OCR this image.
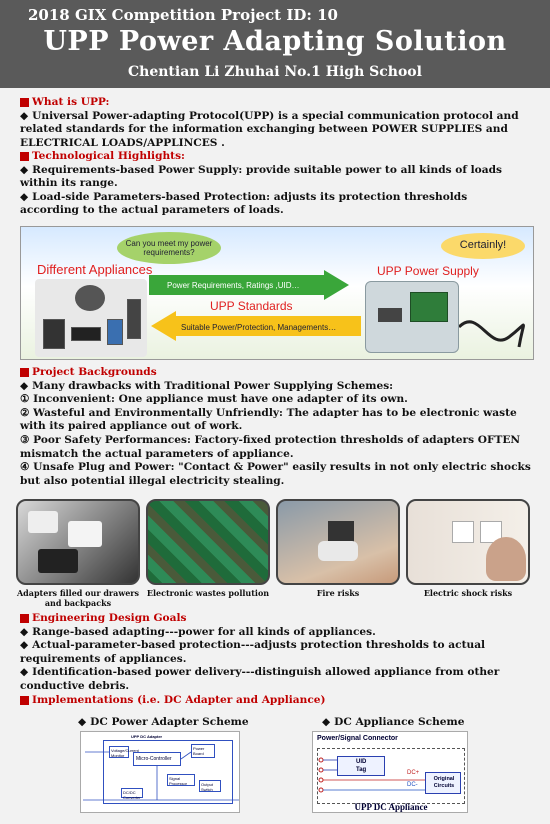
2018 GIX Competition Project ID: 10
UPP Power Adapting Solution
Chentian Li Zhuhai No.1 High School
What is UPP:
◆ Universal Power-adapting Protocol(UPP) is a special communication protocol and
related standards for the information exchanging between POWER SUPPLIES and
ELECTRICAL LOADS/APPLINCES .
Technological Highlights:
◆ Requirements-based Power Supply: provide suitable power to all kinds of loads
within its range.
◆ Load-side Parameters-based Protection: adjusts its protection thresholds
according to the actual parameters of loads.
Different Appliances
Can you meet my power requirements?
UPP Power Supply
Certainly!
Power Requirements, Ratings ,UID…
UPP Standards
Suitable Power/Protection, Managements…
Project Backgrounds
◆ Many drawbacks with Traditional Power Supplying Schemes:
① Inconvenient: One appliance must have one adapter of its own.
② Wasteful and Environmentally Unfriendly: The adapter has to be electronic waste
with its paired appliance out of work.
③ Poor Safety Performances: Factory-fixed protection thresholds of adapters OFTEN
mismatch the actual parameters of appliance.
④ Unsafe Plug and Power: "Contact & Power" easily results in not only electric shocks
but also potential illegal electricity stealing.
Adapters filled our drawers and backpacks
Electronic wastes pollution	Fire risks	Electric shock risks
Engineering Design Goals
◆ Range-based adapting---power for all kinds of appliances.
◆ Actual-parameter-based protection---adjusts protection thresholds to actual
requirements of appliances.
◆ Identification-based power delivery---distinguish allowed appliance from other
conductive debris.
Implementations (i.e. DC Adapter and Appliance)
◆ DC Power Adapter Scheme
◆	DC Appliance Scheme
UPP DC Adapter
Micro-Controller
Power Board
Voltage/Current Monitor
Signal Processor
DC/DC Converter
Output Switch
Power/Signal Connector
UID
Tag	DC+
DC-
Original Circuits
UPP DC Appliance
